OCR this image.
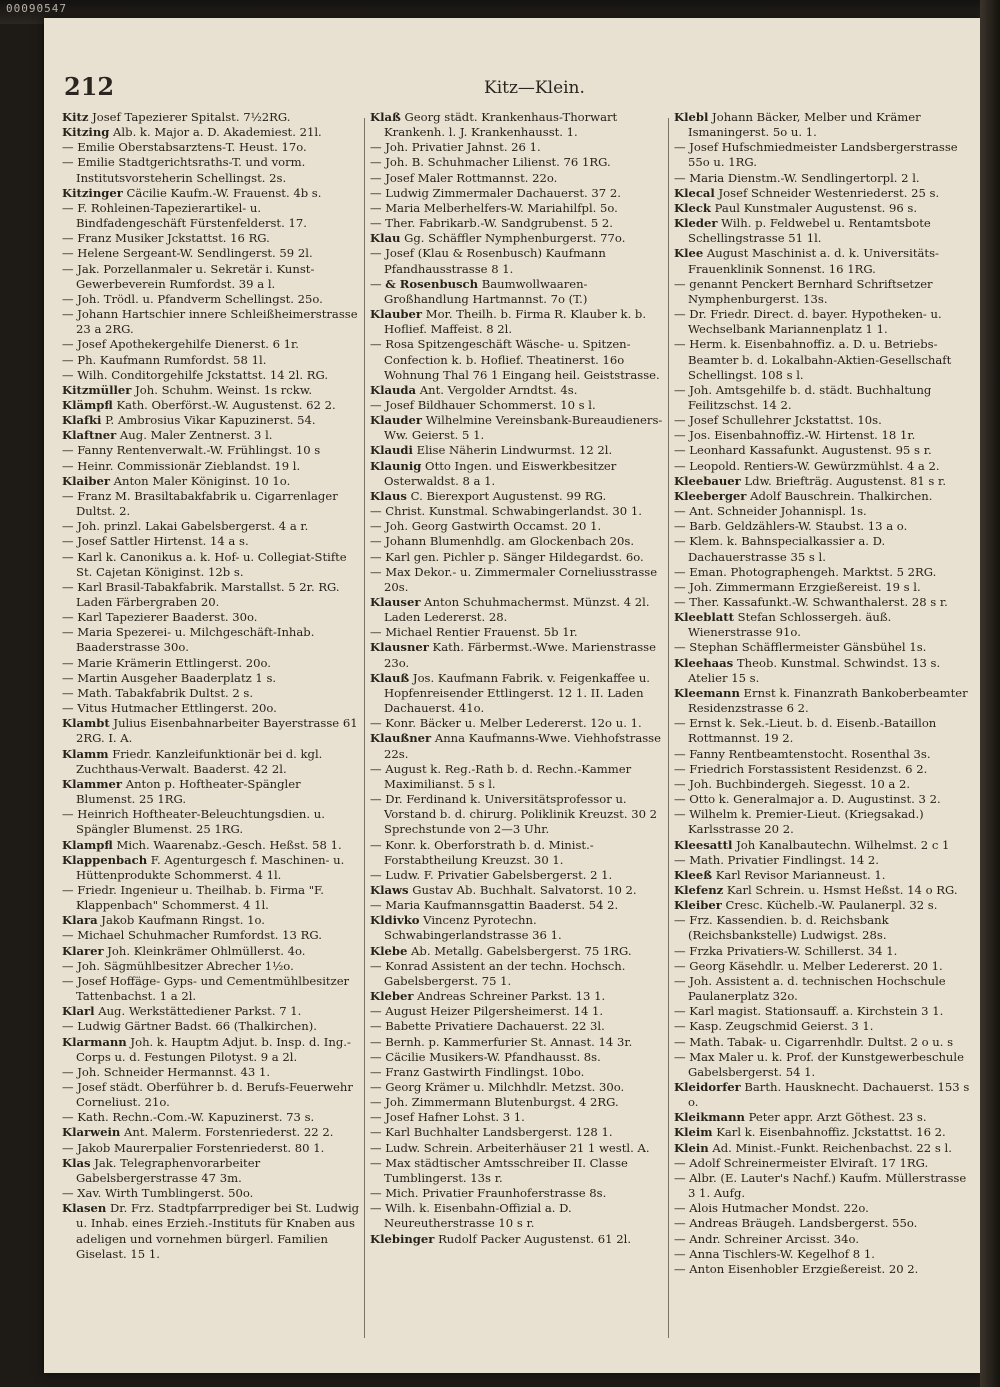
00090547
212	Kitz—Klein.

Kitz Josef Tapezierer Spitalst. 7½2RG.

Kitzing Alb. k. Major a. D. Akademiest. 21l.

— Emilie Oberstabsarztens-T. Heust. 17o.

— Emilie Stadtgerichtsraths-T. und vorm. Institutsvorsteherin Schellingst. 2s.

Kitzinger Cäcilie Kaufm.-W. Frauenst. 4b s.

— F. Rohleinen-Tapezierartikel- u. Bindfadengeschäft Fürstenfelderst. 17.

— Franz Musiker Jckstattst. 16 RG.

— Helene Sergeant-W. Sendlingerst. 59 2l.

— Jak. Porzellanmaler u. Sekretär i. Kunst-Gewerbeverein Rumfordst. 39 a l.

— Joh. Trödl. u. Pfandverm Schellingst. 25o.

— Johann Hartschier innere Schleißheimerstrasse 23 a 2RG.

— Josef Apothekergehilfe Dienerst. 6 1r.

— Ph. Kaufmann Rumfordst. 58 1l.

— Wilh. Conditorgehilfe Jckstattst. 14 2l. RG.

Kitzmüller Joh. Schuhm. Weinst. 1s rckw.

Klämpfl Kath. Oberförst.-W. Augustenst. 62 2.

Klafki P. Ambrosius Vikar Kapuzinerst. 54.

Klaftner Aug. Maler Zentnerst. 3 l.

— Fanny Rentenverwalt.-W. Frühlingst. 10 s

— Heinr. Commissionär Zieblandst. 19 l.

Klaiber Anton Maler Königinst. 10 1o.

— Franz M. Brasiltabakfabrik u. Cigarrenlager Dultst. 2.

— Joh. prinzl. Lakai Gabelsbergerst. 4 a r.

— Josef Sattler Hirtenst. 14 a s.

— Karl k. Canonikus a. k. Hof- u. Collegiat-Stifte St. Cajetan Königinst. 12b s.

— Karl Brasil-Tabakfabrik. Marstallst. 5 2r. RG. Laden Färbergraben 20.

— Karl Tapezierer Baaderst. 30o.

— Maria Spezerei- u. Milchgeschäft-Inhab. Baaderstrasse 30o.

— Marie Krämerin Ettlingerst. 20o.

— Martin Ausgeher Baaderplatz 1 s.

— Math. Tabakfabrik Dultst. 2 s.

— Vitus Hutmacher Ettlingerst. 20o.

Klambt Julius Eisenbahnarbeiter Bayerstrasse 61 2RG. I. A.

Klamm Friedr. Kanzleifunktionär bei d. kgl. Zuchthaus-Verwalt. Baaderst. 42 2l.

Klammer Anton p. Hoftheater-Spängler Blumenst. 25 1RG.

— Heinrich Hoftheater-Beleuchtungsdien. u. Spängler Blumenst. 25 1RG.

Klampfl Mich. Waarenabz.-Gesch. Heßst. 58 1.

Klappenbach F. Agenturgesch f. Maschinen- u. Hüttenprodukte Schommerst. 4 1l.

— Friedr. Ingenieur u. Theilhab. b. Firma "F. Klappenbach" Schommerst. 4 1l.

Klara Jakob Kaufmann Ringst. 1o.

— Michael Schuhmacher Rumfordst. 13 RG.

Klarer Joh. Kleinkrämer Ohlmüllerst. 4o.

— Joh. Sägmühlbesitzer Abrecher 1½o.

— Josef Hoffäge- Gyps- und Cementmühlbesitzer Tattenbachst. 1 a 2l.

Klarl Aug. Werkstättediener Parkst. 7 1.

— Ludwig Gärtner Badst. 66 (Thalkirchen).

Klarmann Joh. k. Hauptm Adjut. b. Insp. d. Ing.-Corps u. d. Festungen Pilotyst. 9 a 2l.

— Joh. Schneider Hermannst. 43 1.

— Josef städt. Oberführer b. d. Berufs-Feuerwehr Corneliust. 21o.

— Kath. Rechn.-Com.-W. Kapuzinerst. 73 s.

Klarwein Ant. Malerm. Forstenriederst. 22 2.

— Jakob Maurerpalier Forstenriederst. 80 1.

Klas Jak. Telegraphenvorarbeiter Gabelsbergerstrasse 47 3m.

— Xav. Wirth Tumblingerst. 50o.

Klasen Dr. Frz. Stadtpfarrprediger bei St. Ludwig u. Inhab. eines Erzieh.-Instituts für Knaben aus adeligen und vornehmen bürgerl. Familien Giselast. 15 1.

Klaß Georg städt. Krankenhaus-Thorwart Krankenh. l. J. Krankenhausst. 1.

— Joh. Privatier Jahnst. 26 1.

— Joh. B. Schuhmacher Lilienst. 76 1RG.

— Josef Maler Rottmannst. 22o.

— Ludwig Zimmermaler Dachauerst. 37 2.

— Maria Melberhelfers-W. Mariahilfpl. 5o.

— Ther. Fabrikarb.-W. Sandgrubenst. 5 2.

Klau Gg. Schäffler Nymphenburgerst. 77o.

— Josef (Klau & Rosenbusch) Kaufmann Pfandhausstrasse 8 1.

— & Rosenbusch Baumwollwaaren-Großhandlung Hartmannst. 7o (T.)

Klauber Mor. Theilh. b. Firma R. Klauber k. b. Hoflief. Maffeist. 8 2l.

— Rosa Spitzengeschäft Wäsche- u. Spitzen-Confection k. b. Hoflief. Theatinerst. 16o Wohnung Thal 76 1 Eingang heil. Geiststrasse.

Klauda Ant. Vergolder Arndtst. 4s.

— Josef Bildhauer Schommerst. 10 s l.

Klauder Wilhelmine Vereinsbank-Bureaudieners-Ww. Geierst. 5 1.

Klaudi Elise Näherin Lindwurmst. 12 2l.

Klaunig Otto Ingen. und Eiswerkbesitzer Osterwaldst. 8 a 1.

Klaus C. Bierexport Augustenst. 99 RG.

— Christ. Kunstmal. Schwabingerlandst. 30 1.

— Joh. Georg Gastwirth Occamst. 20 1.

— Johann Blumenhdlg. am Glockenbach 20s.

— Karl gen. Pichler p. Sänger Hildegardst. 6o.

— Max Dekor.- u. Zimmermaler Corneliusstrasse 20s.

Klauser Anton Schuhmachermst. Münzst. 4 2l. Laden Ledererst. 28.

— Michael Rentier Frauenst. 5b 1r.

Klausner Kath. Färbermst.-Wwe. Marienstrasse 23o.

Klauß Jos. Kaufmann Fabrik. v. Feigenkaffee u. Hopfenreisender Ettlingerst. 12 1. II. Laden Dachauerst. 41o.

— Konr. Bäcker u. Melber Ledererst. 12o u. 1.

Klaußner Anna Kaufmanns-Wwe. Viehhofstrasse 22s.

— August k. Reg.-Rath b. d. Rechn.-Kammer Maximilianst. 5 s l.

— Dr. Ferdinand k. Universitätsprofessor u. Vorstand b. d. chirurg. Poliklinik Kreuzst. 30 2 Sprechstunde von 2—3 Uhr.

— Konr. k. Oberforstrath b. d. Minist.-Forstabtheilung Kreuzst. 30 1.

— Ludw. F. Privatier Gabelsbergerst. 2 1.

Klaws Gustav Ab. Buchhalt. Salvatorst. 10 2.

— Maria Kaufmannsgattin Baaderst. 54 2.

Kldivko Vincenz Pyrotechn. Schwabingerlandstrasse 36 1.

Klebe Ab. Metallg. Gabelsbergerst. 75 1RG.

— Konrad Assistent an der techn. Hochsch. Gabelsbergerst. 75 1.

Kleber Andreas Schreiner Parkst. 13 1.

— August Heizer Pilgersheimerst. 14 1.

— Babette Privatiere Dachauerst. 22 3l.

— Bernh. p. Kammerfurier St. Annast. 14 3r.

— Cäcilie Musikers-W. Pfandhausst. 8s.

— Franz Gastwirth Findlingst. 10bo.

— Georg Krämer u. Milchhdlr. Metzst. 30o.

— Joh. Zimmermann Blutenburgst. 4 2RG.

— Josef Hafner Lohst. 3 1.

— Karl Buchhalter Landsbergerst. 128 1.

— Ludw. Schrein. Arbeiterhäuser 21 1 westl. A.

— Max städtischer Amtsschreiber II. Classe Tumblingerst. 13s r.

— Mich. Privatier Fraunhoferstrasse 8s.

— Wilh. k. Eisenbahn-Offizial a. D. Neureutherstrasse 10 s r.

Klebinger Rudolf Packer Augustenst. 61 2l.

Klebl Johann Bäcker, Melber und Krämer Ismaningerst. 5o u. 1.

— Josef Hufschmiedmeister Landsbergerstrasse 55o u. 1RG.

— Maria Dienstm.-W. Sendlingertorpl. 2 l.

Klecal Josef Schneider Westenriederst. 25 s.

Kleck Paul Kunstmaler Augustenst. 96 s.

Kleder Wilh. p. Feldwebel u. Rentamtsbote Schellingstrasse 51 1l.

Klee August Maschinist a. d. k. Universitäts-Frauenklinik Sonnenst. 16 1RG.

— genannt Penckert Bernhard Schriftsetzer Nymphenburgerst. 13s.

— Dr. Friedr. Direct. d. bayer. Hypotheken- u. Wechselbank Mariannenplatz 1 1.

— Herm. k. Eisenbahnoffiz. a. D. u. Betriebs-Beamter b. d. Lokalbahn-Aktien-Gesellschaft Schellingst. 108 s l.

— Joh. Amtsgehilfe b. d. städt. Buchhaltung Feilitzschst. 14 2.

— Josef Schullehrer Jckstattst. 10s.

— Jos. Eisenbahnoffiz.-W. Hirtenst. 18 1r.

— Leonhard Kassafunkt. Augustenst. 95 s r.

— Leopold. Rentiers-W. Gewürzmühlst. 4 a 2.

Kleebauer Ldw. Briefträg. Augustenst. 81 s r.

Kleeberger Adolf Bauschrein. Thalkirchen.

— Ant. Schneider Johannispl. 1s.

— Barb. Geldzählers-W. Staubst. 13 a o.

— Klem. k. Bahnspecialkassier a. D. Dachauerstrasse 35 s l.

— Eman. Photographengeh. Marktst. 5 2RG.

— Joh. Zimmermann Erzgießereist. 19 s l.

— Ther. Kassafunkt.-W. Schwanthalerst. 28 s r.

Kleeblatt Stefan Schlossergeh. äuß. Wienerstrasse 91o.

— Stephan Schäfflermeister Gänsbühel 1s.

Kleehaas Theob. Kunstmal. Schwindst. 13 s. Atelier 15 s.

Kleemann Ernst k. Finanzrath Bankoberbeamter Residenzstrasse 6 2.

— Ernst k. Sek.-Lieut. b. d. Eisenb.-Bataillon Rottmannst. 19 2.

— Fanny Rentbeamtenstocht. Rosenthal 3s.

— Friedrich Forstassistent Residenzst. 6 2.

— Joh. Buchbindergeh. Siegesst. 10 a 2.

— Otto k. Generalmajor a. D. Augustinst. 3 2.

— Wilhelm k. Premier-Lieut. (Kriegsakad.) Karlsstrasse 20 2.

Kleesattl Joh Kanalbautechn. Wilhelmst. 2 c 1

— Math. Privatier Findlingst. 14 2.

Kleeß Karl Revisor Marianneust. 1.

Klefenz Karl Schrein. u. Hsmst Heßst. 14 o RG.

Kleiber Cresc. Küchelb.-W. Paulanerpl. 32 s.

— Frz. Kassendien. b. d. Reichsbank (Reichsbankstelle) Ludwigst. 28s.

— Frzka Privatiers-W. Schillerst. 34 1.

— Georg Käsehdlr. u. Melber Ledererst. 20 1.

— Joh. Assistent a. d. technischen Hochschule Paulanerplatz 32o.

— Karl magist. Stationsauff. a. Kirchstein 3 1.

— Kasp. Zeugschmid Geierst. 3 1.

— Math. Tabak- u. Cigarrenhdlr. Dultst. 2 o u. s

— Max Maler u. k. Prof. der Kunstgewerbeschule Gabelsbergerst. 54 1.

Kleidorfer Barth. Hausknecht. Dachauerst. 153 s o.

Kleikmann Peter appr. Arzt Göthest. 23 s.

Kleim Karl k. Eisenbahnoffiz. Jckstattst. 16 2.

Klein Ad. Minist.-Funkt. Reichenbachst. 22 s l.

— Adolf Schreinermeister Elviraſt. 17 1RG.

— Albr. (E. Lauter's Nachf.) Kaufm. Müllerstrasse 3 1. Aufg.

— Alois Hutmacher Mondst. 22o.

— Andreas Bräugeh. Landsbergerst. 55o.

— Andr. Schreiner Arcisst. 34o.

— Anna Tischlers-W. Kegelhof 8 1.

— Anton Eisenhobler Erzgießereist. 20 2.
